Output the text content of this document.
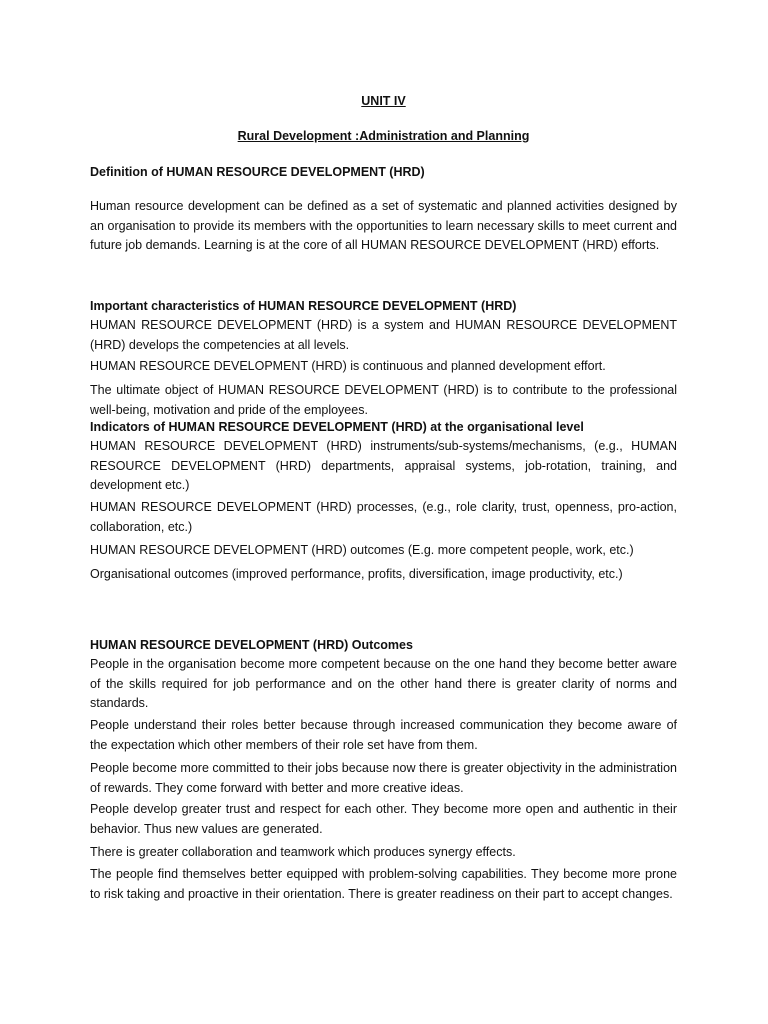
UNIT IV
Rural Development :Administration and Planning
Definition of HUMAN RESOURCE DEVELOPMENT (HRD)

Human resource development can be defined as a set of systematic and planned activities designed by an organisation to provide its members with the opportunities to learn necessary skills to meet current and future job demands. Learning is at the core of all HUMAN RESOURCE DEVELOPMENT (HRD) efforts.

Important characteristics of HUMAN RESOURCE DEVELOPMENT (HRD)

HUMAN RESOURCE DEVELOPMENT (HRD) is a system and HUMAN RESOURCE DEVELOPMENT (HRD) develops the competencies at all levels.

HUMAN RESOURCE DEVELOPMENT (HRD) is continuous and planned development effort.

The ultimate object of HUMAN RESOURCE DEVELOPMENT (HRD) is to contribute to the professional well-being, motivation and pride of the employees.

Indicators of HUMAN RESOURCE DEVELOPMENT (HRD) at the organisational level

HUMAN RESOURCE DEVELOPMENT (HRD) instruments/sub-systems/mechanisms, (e.g., HUMAN RESOURCE DEVELOPMENT (HRD) departments, appraisal systems, job-rotation, training, and development etc.)

HUMAN RESOURCE DEVELOPMENT (HRD) processes, (e.g., role clarity, trust, openness, pro-action, collaboration, etc.)

HUMAN RESOURCE DEVELOPMENT (HRD) outcomes (E.g. more competent people, work, etc.)

Organisational outcomes (improved performance, profits, diversification, image productivity, etc.)

HUMAN RESOURCE DEVELOPMENT (HRD) Outcomes

People in the organisation become more competent because on the one hand they become better aware of the skills required for job performance and on the other hand there is greater clarity of norms and standards.

People understand their roles better because through increased communication they become aware of the expectation which other members of their role set have from them.

People become more committed to their jobs because now there is greater objectivity in the administration of rewards. They come forward with better and more creative ideas.

People develop greater trust and respect for each other. They become more open and authentic in their behavior. Thus new values are generated.

There is greater collaboration and teamwork which produces synergy effects.

The people find themselves better equipped with problem-solving capabilities. They become more prone to risk taking and proactive in their orientation. There is greater readiness on their part to accept changes.
